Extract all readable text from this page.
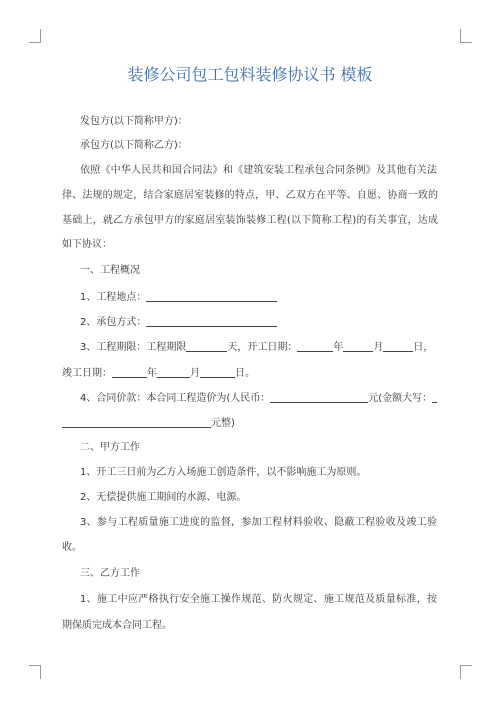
装修公司包工包料装修协议书 模板
发包方(以下简称甲方)：
承包方(以下简称乙方)：
依照《中华人民共和国合同法》和《建筑安装工程承包合同条例》及其他有关法
律、法规的规定，结合家庭居室装修的特点，甲、乙双方在平等、自愿、协商一致的
基础上，就乙方承包甲方的家庭居室装饰装修工程(以下简称工程)的有关事宜，达成
如下协议：
一、工程概况
1、工程地点：
2、承包方式：
3、工程期限：工程期限	天，开工日期：	年	月	日，
竣工日期：	年	月	日。
4、合同价款：本合同工程造价为(人民币：	元(金额大写：
元整)
二、甲方工作
1、开工三日前为乙方入场施工创造条件，以不影响施工为原则。
2、无偿提供施工期间的水源、电源。
3、参与工程质量施工进度的监督，参加工程材料验收、隐蔽工程验收及竣工验
收。
三、乙方工作
1、施工中应严格执行安全施工操作规范、防火规定、施工规范及质量标准，按
期保质完成本合同工程。
